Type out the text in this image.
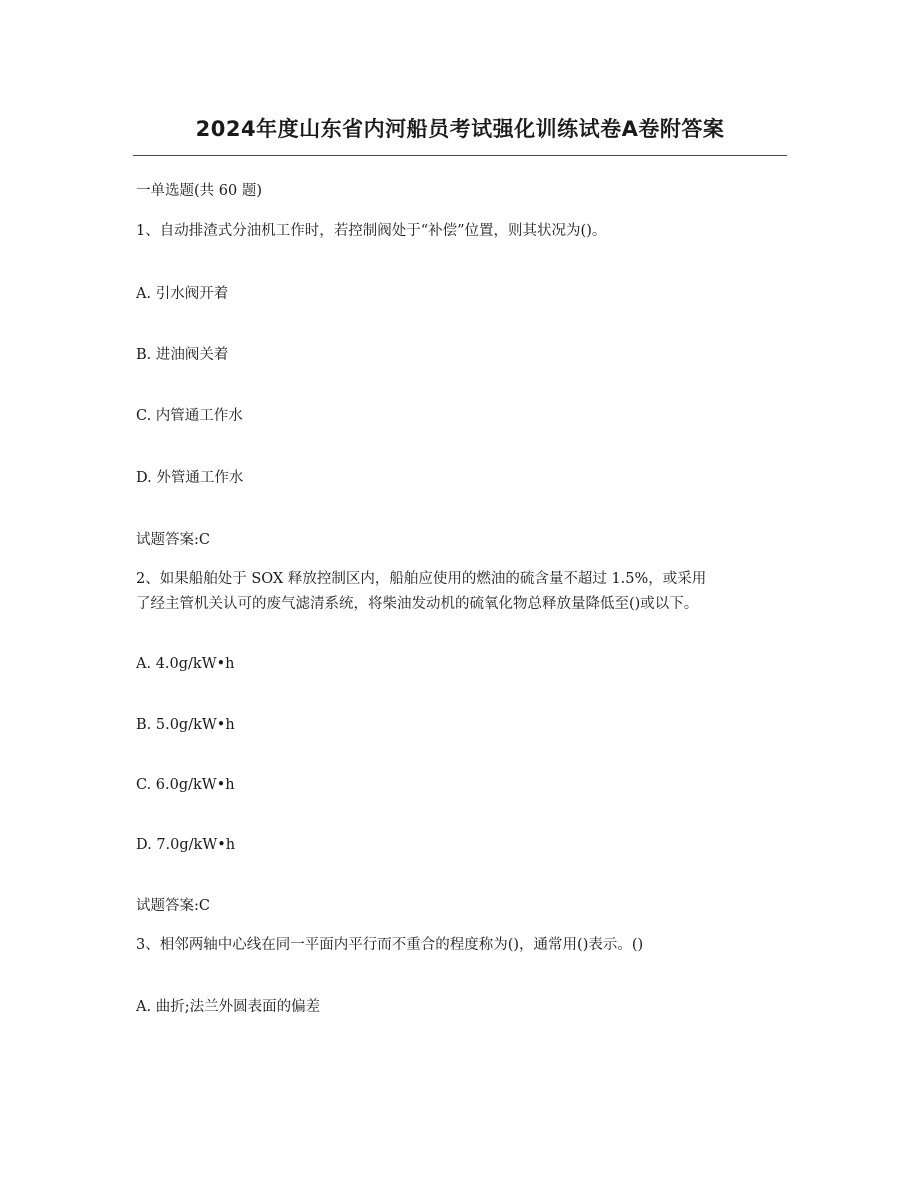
2024年度山东省内河船员考试强化训练试卷A卷附答案
一单选题(共 60 题)
1、自动排渣式分油机工作时，若控制阀处于“补偿”位置，则其状况为()。
A. 引水阀开着
B. 进油阀关着
C. 内管通工作水
D. 外管通工作水
试题答案:C
2、如果船舶处于 SOX 释放控制区内，船舶应使用的燃油的硫含量不超过 1.5%，或采用
了经主管机关认可的废气滤清系统，将柴油发动机的硫氧化物总释放量降低至()或以下。
A. 4.0g/kW•h
B. 5.0g/kW•h
C. 6.0g/kW•h
D. 7.0g/kW•h
试题答案:C
3、相邻两轴中心线在同一平面内平行而不重合的程度称为()，通常用()表示。()
A. 曲折;法兰外圆表面的偏差
